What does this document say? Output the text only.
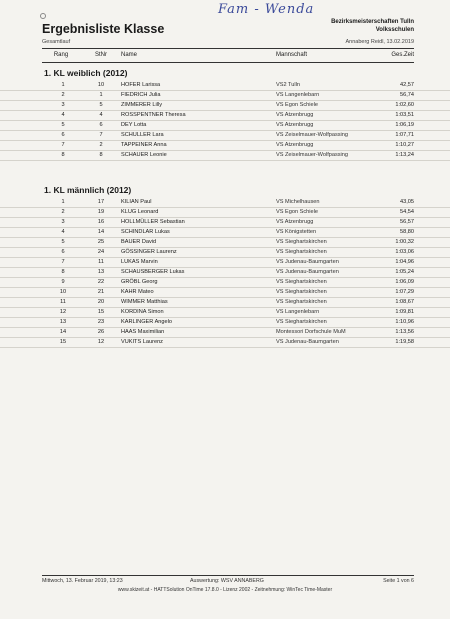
Fam - Wenda
Ergebnisliste Klasse
Gesamtlauf
Bezirksmeisterschaften Tulln
Volksschulen
Annaberg Reidl, 13.02.2019
Rang	StNr	Name	Mannschaft	Ges.Zeit
1. KL weiblich (2012)
1	10	HOFER Larissa	VS2 Tulln	42,57
2	1	FIEDRICH Julia	VS Langenlebarn	56,74
3	5	ZIMMERER Lilly	VS Egon Schiele	1:02,60
4	4	ROSSPENTNER Theresa	VS Atzenbrugg	1:03,51
5	6	DEY Lotta	VS Atzenbrugg	1:06,19
6	7	SCHULLER Lara	VS Zeiselmauer-Wolfpassing	1:07,71
7	2	TAPPEINER Anna	VS Atzenbrugg	1:10,27
8	8	SCHAUER Leonie	VS Zeiselmauer-Wolfpassing	1:13,24
1. KL männlich (2012)
1	17	KILIAN Paul	VS Michelhausen	43,05
2	19	KLUG Leonard	VS Egon Schiele	54,54
3	16	HOLLMÜLLER Sebastian	VS Atzenbrugg	56,57
4	14	SCHINDLAR Lukas	VS Königstetten	58,80
5	25	BAUER David	VS Sieghartskirchen	1:00,32
6	24	GÖSSINGER Laurenz	VS Sieghartskirchen	1:03,06
7	11	LUKAS Marvin	VS Judenau-Baumgarten	1:04,96
8	13	SCHAUSBERGER Lukas	VS Judenau-Baumgarten	1:05,24
9	22	GRÖBL Georg	VS Sieghartskirchen	1:06,09
10	21	KAHR Mateo	VS Sieghartskirchen	1:07,29
11	20	WIMMER Matthias	VS Sieghartskirchen	1:08,67
12	15	KORDINA Simon	VS Langenlebarn	1:09,81
13	23	KARLINGER Angelo	VS Sieghartskirchen	1:10,96
14	26	HAAS Maximilian	Montessori Dorfschule MuM	1:13,56
15	12	VUKITS Laurenz	VS Judenau-Baumgarten	1:19,58
Mittwoch, 13. Februar 2019, 13:23	Auswertung: WSV ANNABERG	Seite 1 von 6
www.skizeit.at - HATTSolution OnTime 17.8.0 - Lizenz 2002 - Zeitnehmung: WinTec Time-Master
